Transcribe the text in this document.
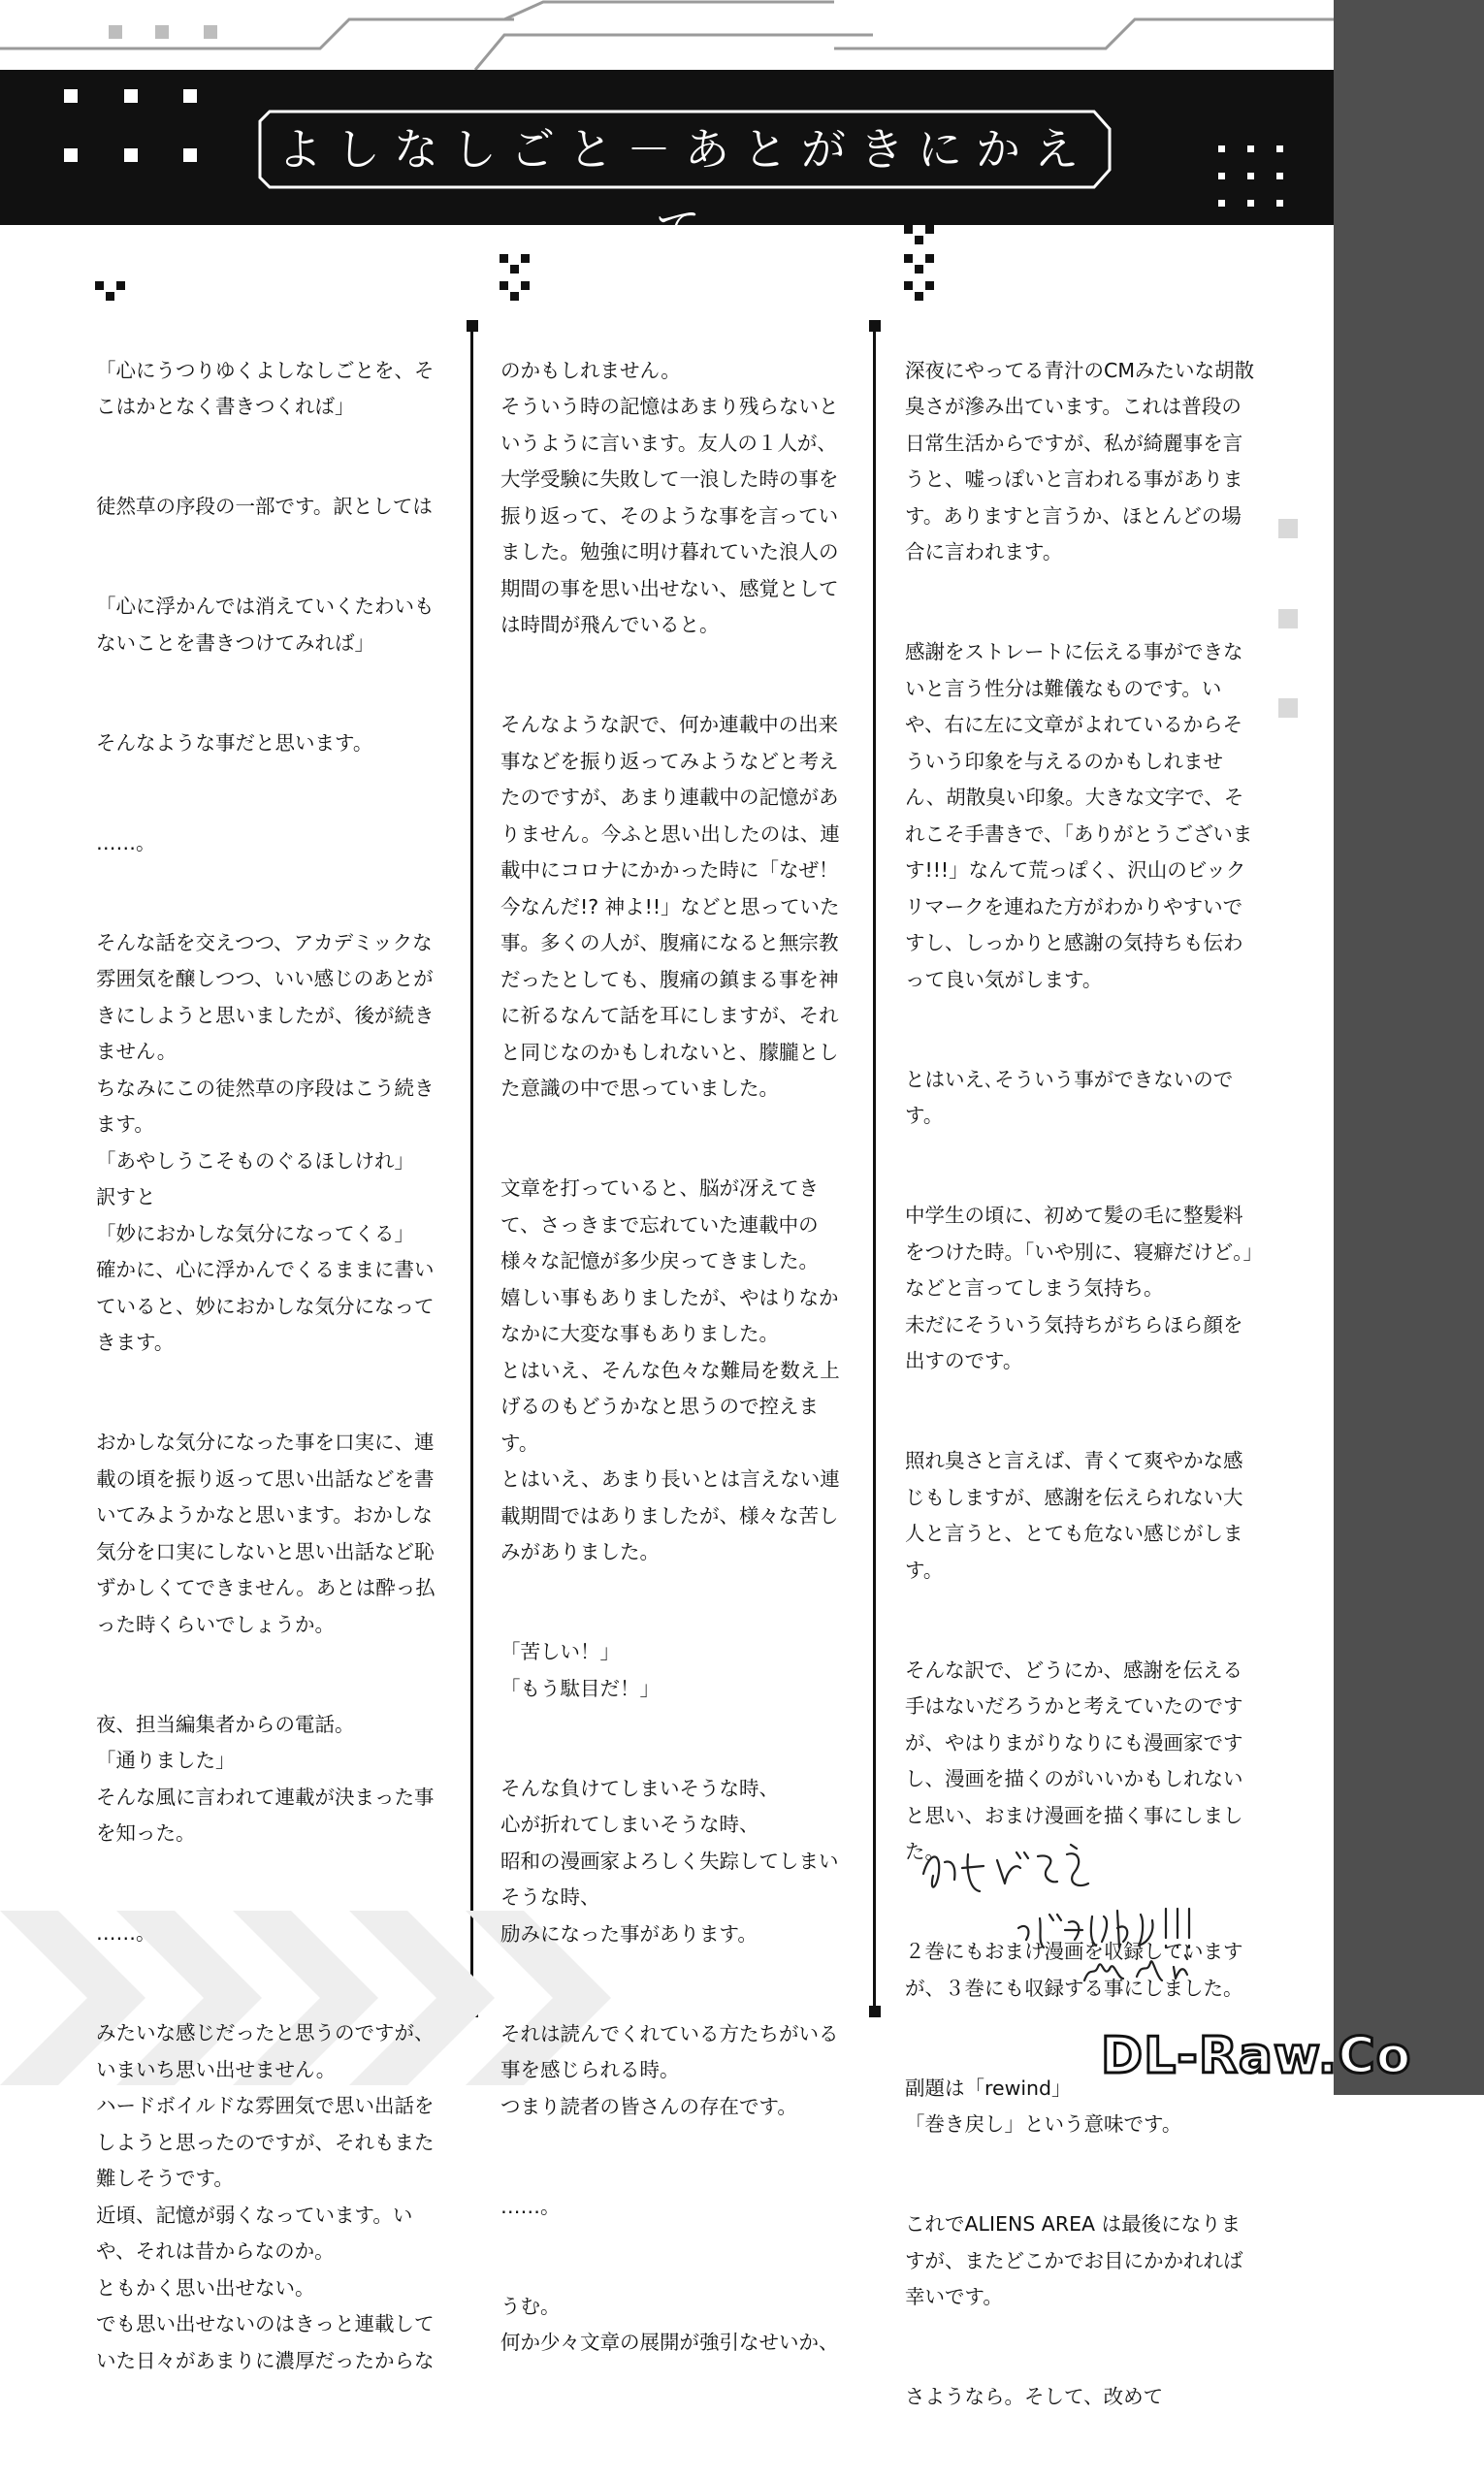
よしなしごと－あとがきにかえて

「心にうつりゆくよしなしごとを、そこはかとなく書きつくれば」

徒然草の序段の一部です。訳としては

「心に浮かんでは消えていくたわいもないことを書きつけてみれば」

そんなような事だと思います。

……。

そんな話を交えつつ、アカデミックな雰囲気を醸しつつ、いい感じのあとがきにしようと思いましたが、後が続きません。
ちなみにこの徒然草の序段はこう続きます。
「あやしうこそものぐるほしけれ」
訳すと
「妙におかしな気分になってくる」
確かに、心に浮かんでくるままに書いていると、妙におかしな気分になってきます。

おかしな気分になった事を口実に、連載の頃を振り返って思い出話などを書いてみようかなと思います。おかしな気分を口実にしないと思い出話など恥ずかしくてできません。あとは酔っ払った時くらいでしょうか。

夜、担当編集者からの電話。
「通りました」
そんな風に言われて連載が決まった事を知った。

……。

みたいな感じだったと思うのですが、いまいち思い出せません。
ハードボイルドな雰囲気で思い出話をしようと思ったのですが、それもまた難しそうです。
近頃、記憶が弱くなっています。いや、それは昔からなのか。
ともかく思い出せない。
でも思い出せないのはきっと連載していた日々があまりに濃厚だったからな

のかもしれません。
そういう時の記憶はあまり残らないというように言います。友人の１人が、大学受験に失敗して一浪した時の事を振り返って、そのような事を言っていました。勉強に明け暮れていた浪人の期間の事を思い出せない、感覚としては時間が飛んでいると。

そんなような訳で、何か連載中の出来事などを振り返ってみようなどと考えたのですが、あまり連載中の記憶がありません。今ふと思い出したのは、連載中にコロナにかかった時に「なぜ！ 今なんだ!? 神よ!!」などと思っていた事。多くの人が、腹痛になると無宗教だったとしても、腹痛の鎮まる事を神に祈るなんて話を耳にしますが、それと同じなのかもしれないと、朦朧とした意識の中で思っていました。

文章を打っていると、脳が冴えてきて、さっきまで忘れていた連載中の様々な記憶が多少戻ってきました。
嬉しい事もありましたが、やはりなかなかに大変な事もありました。
とはいえ、そんな色々な難局を数え上げるのもどうかなと思うので控えます。
とはいえ、あまり長いとは言えない連載期間ではありましたが、様々な苦しみがありました。

「苦しい！」
「もう駄目だ！」

そんな負けてしまいそうな時、
心が折れてしまいそうな時、
昭和の漫画家よろしく失踪してしまいそうな時、
励みになった事があります。

それは読んでくれている方たちがいる事を感じられる時。
つまり読者の皆さんの存在です。

……。

うむ。
何か少々文章の展開が強引なせいか、

深夜にやってる青汁のCMみたいな胡散臭さが滲み出ています。これは普段の日常生活からですが、私が綺麗事を言うと、嘘っぽいと言われる事があります。ありますと言うか、ほとんどの場合に言われます。

感謝をストレートに伝える事ができないと言う性分は難儀なものです。いや、右に左に文章がよれているからそういう印象を与えるのかもしれません、胡散臭い印象。大きな文字で、それこそ手書きで、「ありがとうございます!!!」なんて荒っぽく、沢山のビックリマークを連ねた方がわかりやすいですし、しっかりと感謝の気持ちも伝わって良い気がします。

とはいえ､そういう事ができないのです。

中学生の頃に、初めて髪の毛に整髪料をつけた時。「いや別に、寝癖だけど。」などと言ってしまう気持ち。
未だにそういう気持ちがちらほら顔を出すのです。

照れ臭さと言えば、青くて爽やかな感じもしますが、感謝を伝えられない大人と言うと、とても危ない感じがします。

そんな訳で、どうにか、感謝を伝える手はないだろうかと考えていたのですが、やはりまがりなりにも漫画家ですし、漫画を描くのがいいかもしれないと思い、おまけ漫画を描く事にしました。

２巻にもおまけ漫画を収録していますが、３巻にも収録する事にしました。

副題は「rewind」
「巻き戻し」という意味です。

これでALIENS AREA は最後になりますが、またどこかでお目にかかれれば幸いです。

さようなら。そして、改めて

DL-Raw.Co
